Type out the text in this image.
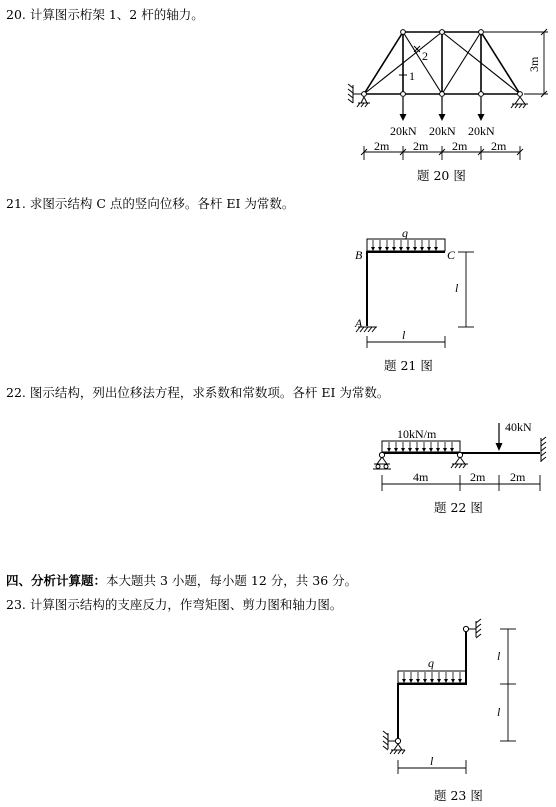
20. 计算图示桁架 1、2 杆的轴力。
1
2
3m
20kN 20kN 20kN
2m 2m 2m 2m
题 20 图
21. 求图示结构 C 点的竖向位移。各杆 EI 为常数。
q
B	C
A
l
l
题 21 图
22. 图示结构，列出位移法方程，求系数和常数项。各杆 EI 为常数。
10kN/m	40kN
4m	2m 2m
题 22 图
四、分析计算题：本大题共 3 小题，每小题 12 分，共 36 分。
23. 计算图示结构的支座反力，作弯矩图、剪力图和轴力图。
q	l
l
l
题 23 图
